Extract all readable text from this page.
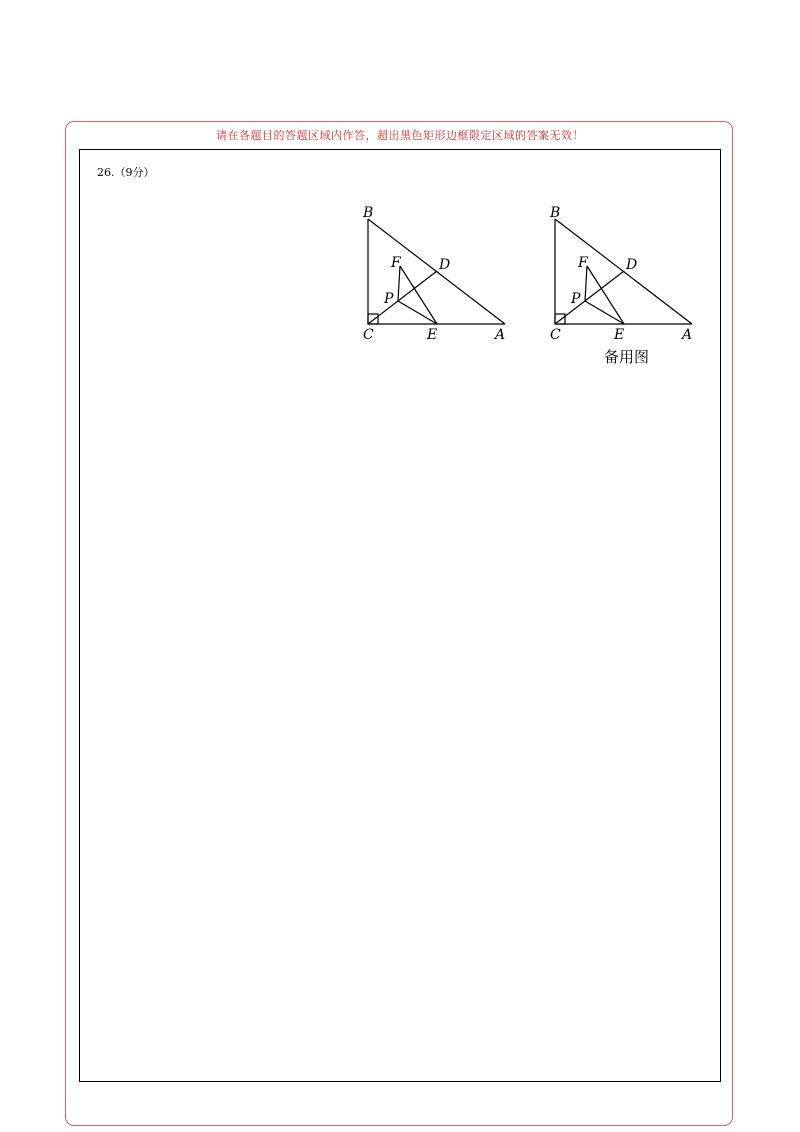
请在各题目的答题区域内作答，超出黑色矩形边框限定区域的答案无效！
26.（9分）
B
F	D
P
C	E	A
B
F	D
P
C	E	A
备用图
